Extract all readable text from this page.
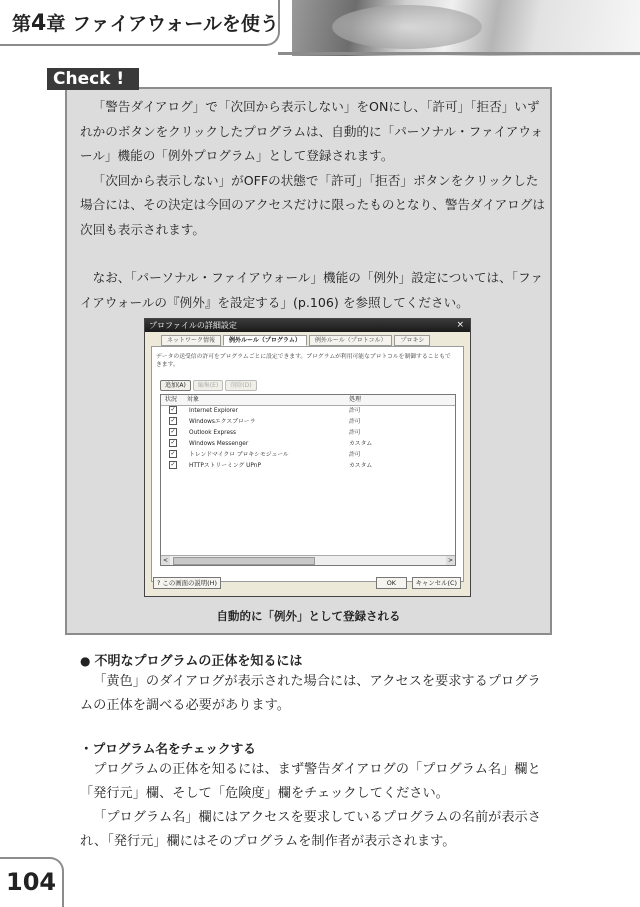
第4章 ファイアウォールを使う
Check !

「警告ダイアログ」で「次回から表示しない」をONにし、「許可」「拒否」いずれかのボタンをクリックしたプログラムは、自動的に「パーソナル・ファイアウォール」機能の「例外プログラム」として登録されます。

「次回から表示しない」がOFFの状態で「許可」「拒否」ボタンをクリックした場合には、その決定は今回のアクセスだけに限ったものとなり、警告ダイアログは次回も表示されます。

なお、「パーソナル・ファイアウォール」機能の「例外」設定については、「ファイアウォールの『例外』を設定する」(p.106) を参照してください。

プロファイルの詳細設定	×
ネットワーク情報 例外ルール（プログラム） 例外ルール（プロトコル） プロキシ
データの送受信の許可をプログラムごとに設定できます。プログラムが利用可能なプロトコルを制御することもできます。
追加(A) 編集(E) 削除(D)
状況 対象	処理
✓ Internet Explorer	許可
✓ Windowsエクスプローラ	許可
✓ Outlook Express	許可
✓ Windows Messenger	カスタム
✓ トレンドマイクロ プロキシモジュール	許可
✓ HTTPストリーミング UPnP	カスタム
<	>
? この画面の説明(H)	OK	キャンセル(C)
自動的に「例外」として登録される
● 不明なプログラムの正体を知るには

「黄色」のダイアログが表示された場合には、アクセスを要求するプログラムの正体を調べる必要があります。

・プログラム名をチェックする

プログラムの正体を知るには、まず警告ダイアログの「プログラム名」欄と「発行元」欄、そして「危険度」欄をチェックしてください。

「プログラム名」欄にはアクセスを要求しているプログラムの名前が表示され、「発行元」欄にはそのプログラムを制作者が表示されます。

104
